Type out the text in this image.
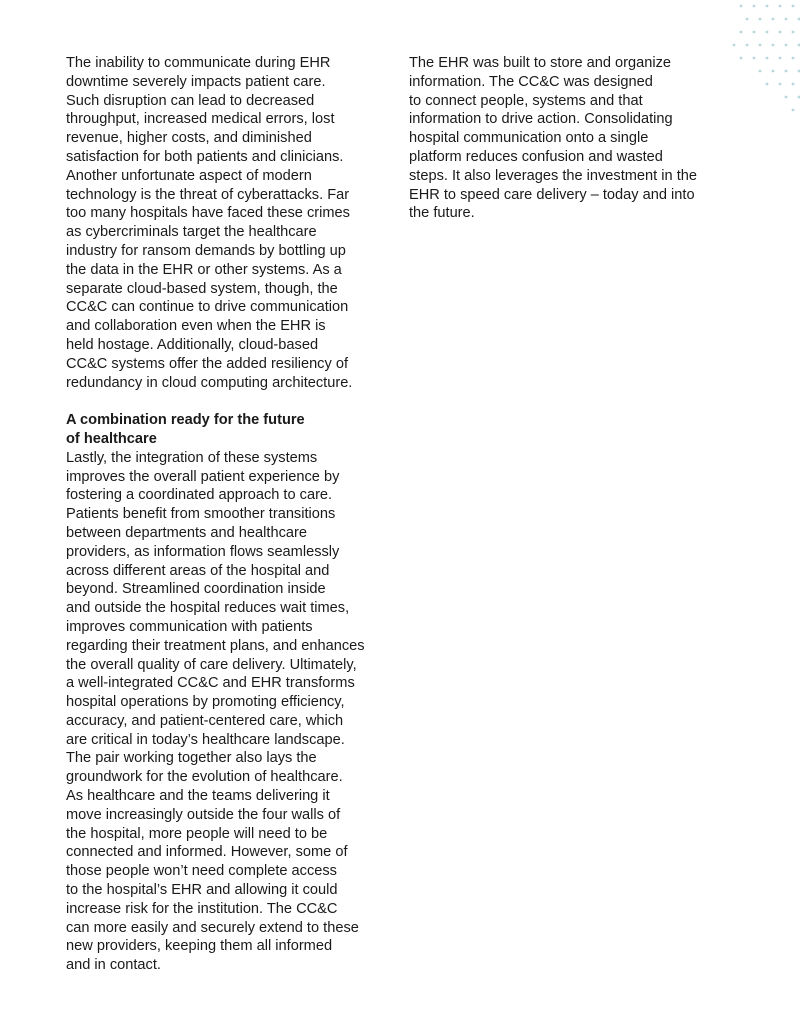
The inability to communicate during EHR
downtime severely impacts patient care.
Such disruption can lead to decreased
throughput, increased medical errors, lost
revenue, higher costs, and diminished
satisfaction for both patients and clinicians.
Another unfortunate aspect of modern
technology is the threat of cyberattacks. Far
too many hospitals have faced these crimes
as cybercriminals target the healthcare
industry for ransom demands by bottling up
the data in the EHR or other systems. As a
separate cloud-based system, though, the
CC&C can continue to drive communication
and collaboration even when the EHR is
held hostage. Additionally, cloud-based
CC&C systems offer the added resiliency of
redundancy in cloud computing architecture.
A combination ready for the future
of healthcare
Lastly, the integration of these systems
improves the overall patient experience by
fostering a coordinated approach to care.
Patients benefit from smoother transitions
between departments and healthcare
providers, as information flows seamlessly
across different areas of the hospital and
beyond. Streamlined coordination inside
and outside the hospital reduces wait times,
improves communication with patients
regarding their treatment plans, and enhances
the overall quality of care delivery. Ultimately,
a well-integrated CC&C and EHR transforms
hospital operations by promoting efficiency,
accuracy, and patient-centered care, which
are critical in today’s healthcare landscape.
The pair working together also lays the
groundwork for the evolution of healthcare.
As healthcare and the teams delivering it
move increasingly outside the four walls of
the hospital, more people will need to be
connected and informed. However, some of
those people won’t need complete access
to the hospital’s EHR and allowing it could
increase risk for the institution. The CC&C
can more easily and securely extend to these
new providers, keeping them all informed
and in contact.
The EHR was built to store and organize
information. The CC&C was designed
to connect people, systems and that
information to drive action. Consolidating
hospital communication onto a single
platform reduces confusion and wasted
steps. It also leverages the investment in the
EHR to speed care delivery – today and into
the future.
